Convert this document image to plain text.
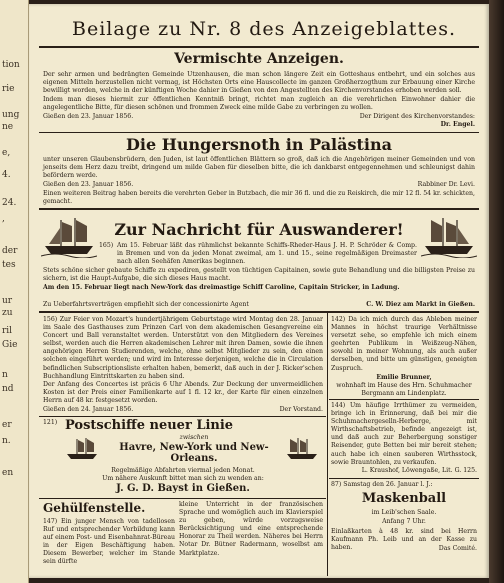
tion
rie
ung
ne
e,
4.
24.
,
der
tes
ur
zu
ril
Gie
n
nd
er
n.
en
Beilage zu Nr. 8 des Anzeigeblattes.
Vermischte Anzeigen.
Der sehr armen und bedrängten Gemeinde Utzenhausen, die man schon längere Zeit ein Gotteshaus entbehrt, und ein solches aus eigenen Mitteln herzustellen nicht vermag, ist Höchsten Orts eine Hauscollecte im ganzen Großherzogthum zur Erbauung einer Kirche bewilligt worden, welche in der künftigen Woche dahier in Gießen von den Angestellten des Kirchenvorstandes erhoben werden soll.
Indem man dieses hiermit zur öffentlichen Kenntniß bringt, richtet man zugleich an die verehrlichen Einwohner dahier die angelegentliche Bitte, für diesen schönen und frommen Zweck eine milde Gabe zu verbringen zu wollen.
Gießen den 23. Januar 1856.	Der Dirigent des Kirchenvorstandes:
Dr. Engel.
Die Hungersnoth in Palästina
unter unseren Glaubensbrüdern, den Juden, ist laut öffentlichen Blättern so groß, daß ich die Angehörigen meiner Gemeinden und von jenseits dem Herz dazu treibt, dringend um milde Gaben für dieselben bitte, die ich dankbarst entgegennehmen und schleunigst dahin befördern werde.
Gießen den 23. Januar 1856.	Rabbiner Dr. Levi.
Einen weiteren Beitrag haben bereits die verehrten Geber in Butzbach, die mir 36 fl. und die zu Reiskirch, die mir 12 fl. 54 kr. schickten, gemacht.
Zur Nachricht für Auswanderer!
165) Am 15. Februar läßt das rühmlichst bekannte Schiffs-Rheder-Haus J. H. P. Schröder & Comp. in Bremen und von da jeden Monat zweimal, am 1. und 15., seine regelmäßigen Dreimaster nach allen Seehäfen Amerikas beginnen.
Stets schöne sicher gebaute Schiffe zu expediren, gestellt von tüchtigen Capitainen, sowie gute Behandlung und die billigsten Preise zu sichern, ist die Haupt-Aufgabe, die sich dieses Haus macht.
Am den 15. Februar liegt nach New-York das dreimastige Schiff Caroline, Capitain Stricker, in Ladung.
Zu Ueberfahrtsverträgen empfiehlt sich der concessionirte Agent	C. W. Diez am Markt in Gießen.
156) Zur Feier von Mozart's hundertjährigem Geburtstage wird Montag den 28. Januar im Saale des Gasthauses zum Prinzen Carl von dem akademischen Gesangvereine ein Concert und Ball veranstaltet werden. Unterstützt von den Mitgliedern des Vereines selbst, werden auch die Herren akademischen Lehrer mit ihren Damen, sowie die ihnen angehörigen Herren Studierenden, welche, ohne selbst Mitglieder zu sein, den einen solchen eingeführt werden; und wird im Interesse derjenigen, welche die in Circulation befindlichen Subscriptionsliste erhalten haben, bemerkt, daß auch in der J. Ricker'schen Buchhandlung Eintrittskarten zu haben sind.
Der Anfang des Concertes ist präcis 6 Uhr Abends. Zur Deckung der unvermeidlichen Kosten ist der Preis einer Familienkarte auf 1 fl. 12 kr., der Karte für einen einzelnen Herrn auf 48 kr. festgesetzt worden.
Gießen den 24. Januar 1856.	Der Vorstand.
121) Postschiffe neuer Linie
zwischen
Havre, New-York und New-Orleans.
Regelmäßige Abfahrten viermal jeden Monat.
Um nähere Auskunft bittet man sich zu wenden an:
J. G. D. Bayst in Gießen.
Gehülfenstelle.
147) Ein junger Mensch von tadellosen Ruf und entsprechender Vorbildung kann auf einem Post- und Eisenbahnrat-Büreau in der Eigen Beschäftigung haben. Diesem Bewerber, welcher im Stande sein dürfte
kleine Unterricht in der französischen Sprache und womöglich auch im Klavierspiel zu geben, würde vorzugsweise Berücksichtigung und eine entsprechende Honorar zu Theil werden. Näheres bei Herrn Notar Dr. Bütner Radermann, woselbst am Marktplatze.
142) Da ich mich durch das Ableben meiner Mannes in höchst traurige Verhältnisse versetzt sehe, so empfehle ich mich einem geehrten Publikum in Weißzeug-Nähen, sowohl in meiner Wohnung, als auch außer derselben, und bitte um günstigen, geneigten Zuspruch.
Emilie Brunner,
wohnhaft im Hause des Hrn. Schuhmacher Bergmann am Lindenplatz.
144) Um häufige Irrthümer zu vermeiden, bringe ich in Erinnerung, daß bei mir die Schuhmachergeselln-Herberge, mit Wirthschaftsbetrieb, befinde angezeigt ist, und daß auch zur Beherbergung sonstiger Reisender, gute Betten bei mir bereit stehen; auch habe ich einen sauberen Wirthsstock, sowie Brauntohlen, zu verkaufen.
L. Kraushof, Löwengaße, Lit. G. 125.
87) Samstag den 26. Januar l. J.:
Maskenball
im Leib'schen Saale.
Anfang 7 Uhr.
Einlaßkarten à 48 kr. sind bei Herrn Kaufmann Ph. Leib und an der Kasse zu haben.	Das Comité.
